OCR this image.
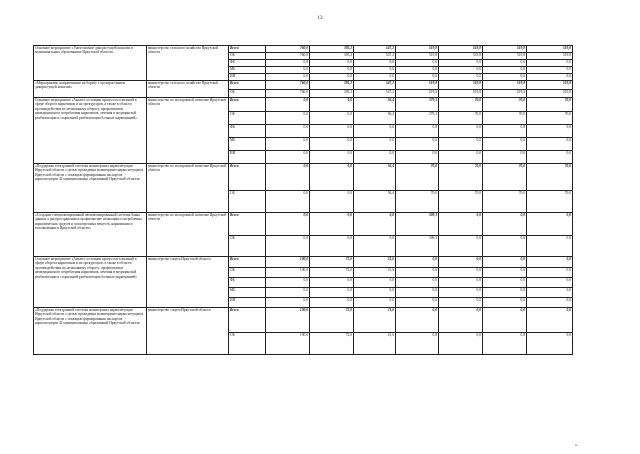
13
Основное мероприятие «Уничтожение дикорастущей конопли в муниципальных образованиях Иркутской области»	министерство сельского хозяйства Иркутской области	Всего	760,0	395,2	547,2	519,8	519,8	519,8	519,8
		ОБ	760,0	395,2	547,2	519,8	519,8	519,8	519,8
		ФБ	0,0	0,0	0,0	0,0	0,0	0,0	0,0
		МБ	0,0	0,0	0,0	0,0	0,0	0,0	0,0
		ИИ	0,0	0,0	0,0	0,0	0,0	0,0	0,0
«Мероприятия, направленные на борьбу с произрастанием дикорастущей конопли»	министерство сельского хозяйства Иркутской области	Всего	760,0	395,2	547,2	519,8	519,8	519,8	519,8
		ОБ	760,0	395,2	547,2	519,8	519,8	519,8	519,8
Основное мероприятие «Анализ состояния процессов и явлений в сфере оборота наркотиков и их прекурсоров, а также в области противодействия их незаконному обороту, профилактики немедицинского потребления наркотиков, лечения и медицинской реабилитации и социальной реабилитации больных наркоманией»	министерство по молодежной политике Иркутской области	Всего	0,0	0,0	56,4	379,3	70,0	70,0	70,0
		ОБ	0,0	0,0	56,4	379,3	70,0	70,0	70,0
		ФБ	0,0	0,0	0,0	0,0	0,0	0,0	0,0
		МБ	0,0	0,0	0,0	0,0	0,0	0,0	0,0
		ИИ	0,0	0,0	0,0	0,0	0,0	0,0	0,0
«Поддержка электронной системы мониторинга наркоситуации Иркутской области с целью проведения мониторинга наркоситуации в Иркутской области с помощью формирования паспортов наркоситуации 42 муниципальных образований Иркутской области»	министерство по молодежной политике Иркутской области	Всего	0,0	0,0	56,4	70,0	70,0	70,0	70,0
		ОБ	0,0	0,0	56,4	70,0	70,0	70,0	70,0
«Создание специализированной автоматизированной системы банка данных о распространении и профилактике незаконного потребления наркотических средств и психотропных веществ, наркомании и токсикомании в Иркутской области»	министерство по молодежной политике Иркутской области	Всего	0,0	0,0	0,0	309,3	0,0	0,0	0,0
		ОБ	0,0	0,0	0,0	309,3	0,0	0,0	0,0
Основное мероприятие «Анализ состояния процессов и явлений в сфере оборота наркотиков и их прекурсоров, а также в области противодействия их незаконному обороту, профилактики немедицинского потребления наркотиков, лечения и медицинской реабилитации и социальной реабилитации больных наркоманией»	министерство спорта Иркутской области	Всего	100,0	72,0	21,6	0,0	0,0	0,0	0,0
		ОБ	100,0	72,0	21,6	0,0	0,0	0,0	0,0
		ФБ	0,0	0,0	0,0	0,0	0,0	0,0	0,0
		МБ	0,0	0,0	0,0	0,0	0,0	0,0	0,0
		ИИ	0,0	0,0	0,0	0,0	0,0	0,0	0,0
«Поддержка электронной системы мониторинга наркоситуации Иркутской области с целью проведения мониторинга наркоситуации в Иркутской области с помощью формирования паспортов наркоситуации 42 муниципальных образований Иркутской области»	министерство спорта Иркутской области	Всего	100,0	72,0	21,6	0,0	0,0	0,0	0,0
		ОБ	100,0	72,0	21,6	0,0	0,0	0,0	0,0
».
